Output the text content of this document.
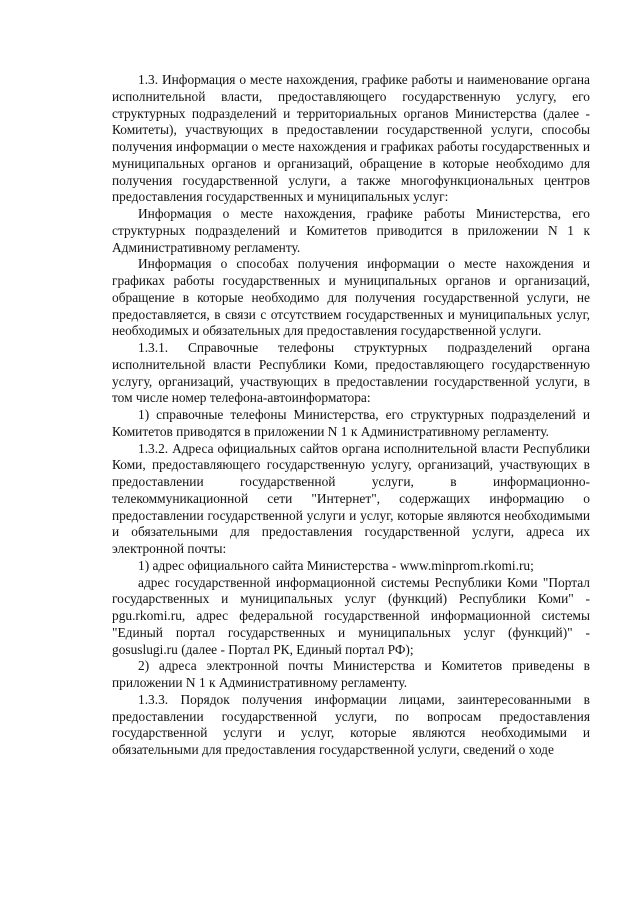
1.3. Информация о месте нахождения, графике работы и наименование органа исполнительной власти, предоставляющего государственную услугу, его структурных подразделений и территориальных органов Министерства (далее - Комитеты), участвующих в предоставлении государственной услуги, способы получения информации о месте нахождения и графиках работы государственных и муниципальных органов и организаций, обращение в которые необходимо для получения государственной услуги, а также многофункциональных центров предоставления государственных и муниципальных услуг:

Информация о месте нахождения, графике работы Министерства, его структурных подразделений и Комитетов приводится в приложении N 1 к Административному регламенту.

Информация о способах получения информации о месте нахождения и графиках работы государственных и муниципальных органов и организаций, обращение в которые необходимо для получения государственной услуги, не предоставляется, в связи с отсутствием государственных и муниципальных услуг, необходимых и обязательных для предоставления государственной услуги.

1.3.1. Справочные телефоны структурных подразделений органа исполнительной власти Республики Коми, предоставляющего государственную услугу, организаций, участвующих в предоставлении государственной услуги, в том числе номер телефона-автоинформатора:

1) справочные телефоны Министерства, его структурных подразделений и Комитетов приводятся в приложении N 1 к Административному регламенту.

1.3.2. Адреса официальных сайтов органа исполнительной власти Республики Коми, предоставляющего государственную услугу, организаций, участвующих в предоставлении государственной услуги, в информационно-телекоммуникационной сети "Интернет", содержащих информацию о предоставлении государственной услуги и услуг, которые являются необходимыми и обязательными для предоставления государственной услуги, адреса их электронной почты:

1) адрес официального сайта Министерства - www.minprom.rkomi.ru;

адрес государственной информационной системы Республики Коми "Портал государственных и муниципальных услуг (функций) Республики Коми" - pgu.rkomi.ru, адрес федеральной государственной информационной системы "Единый портал государственных и муниципальных услуг (функций)" - gosuslugi.ru (далее - Портал РК, Единый портал РФ);

2) адреса электронной почты Министерства и Комитетов приведены в приложении N 1 к Административному регламенту.

1.3.3. Порядок получения информации лицами, заинтересованными в предоставлении государственной услуги, по вопросам предоставления государственной услуги и услуг, которые являются необходимыми и обязательными для предоставления государственной услуги, сведений о ходе
